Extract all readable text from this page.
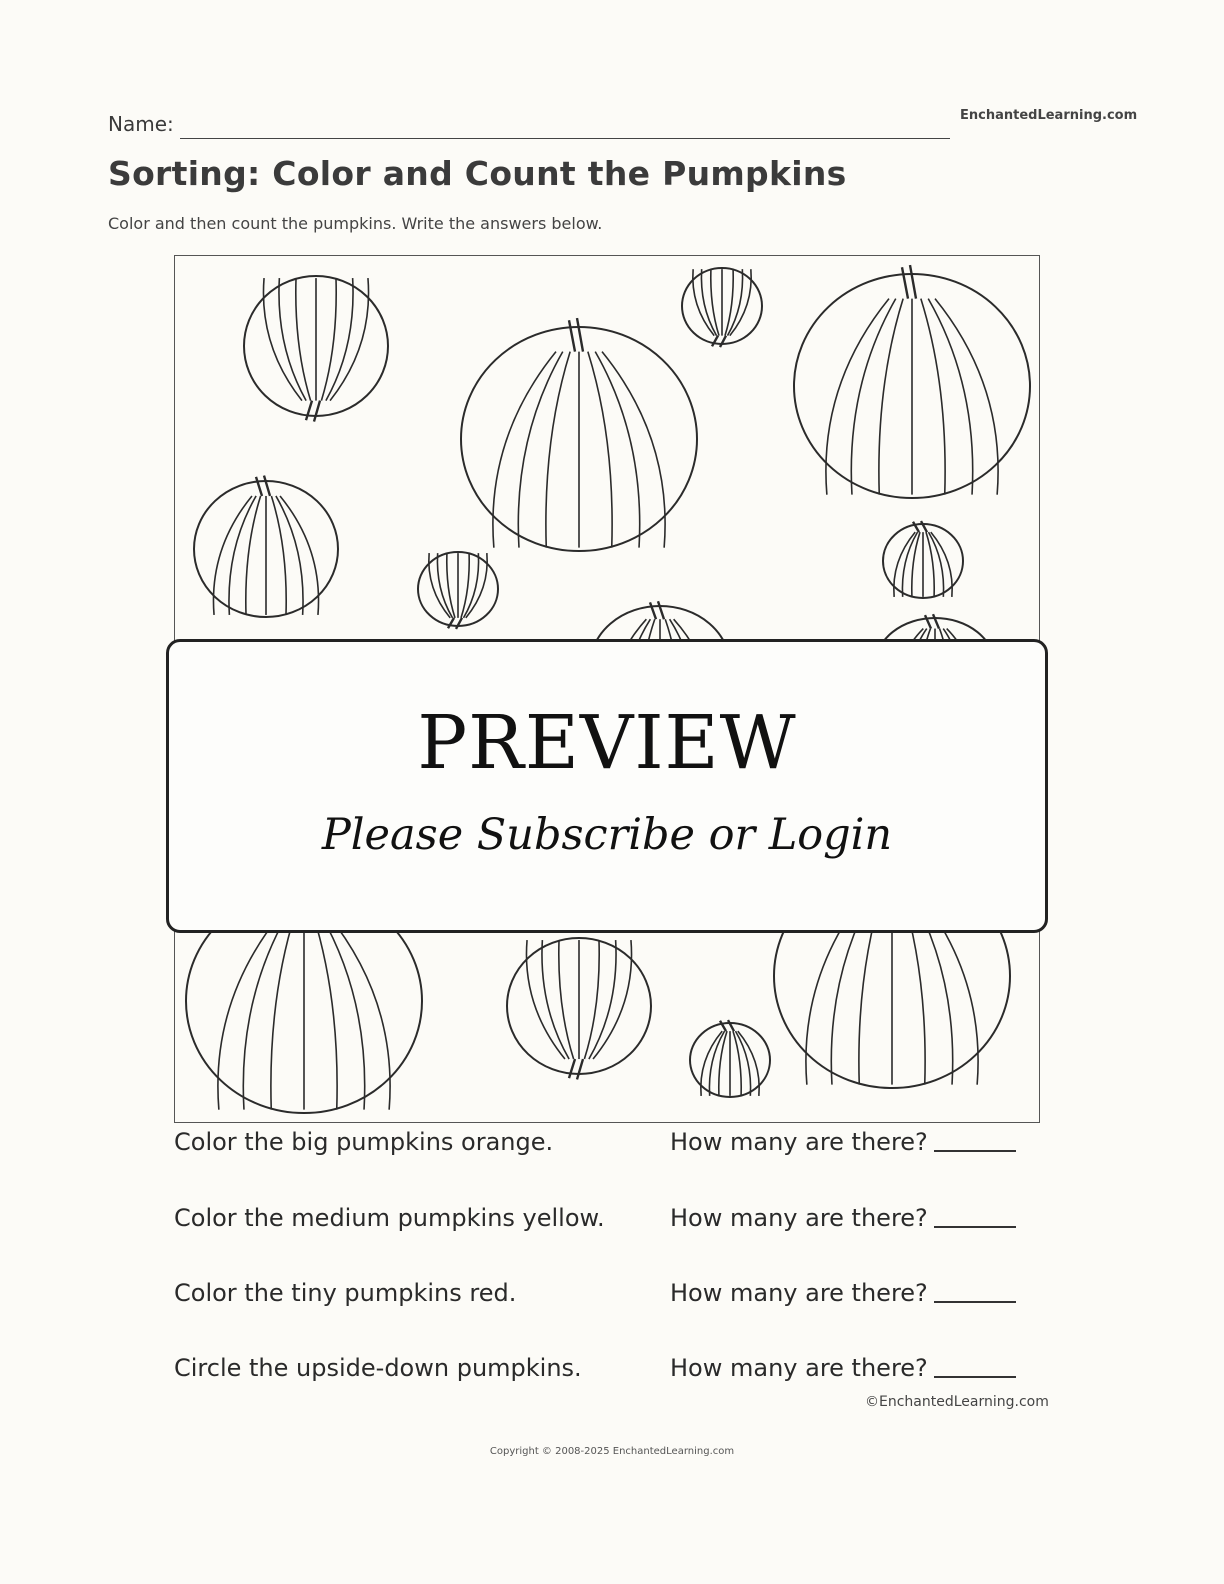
Name:	EnchantedLearning.com
Sorting: Color and Count the Pumpkins
Color and then count the pumpkins. Write the answers below.
PREVIEW
Please Subscribe or Login
Color the big pumpkins orange.	How many are there?
Color the medium pumpkins yellow.	How many are there?
Color the tiny pumpkins red.	How many are there?
Circle the upside-down pumpkins.	How many are there?
©EnchantedLearning.com
Copyright © 2008-2025 EnchantedLearning.com
